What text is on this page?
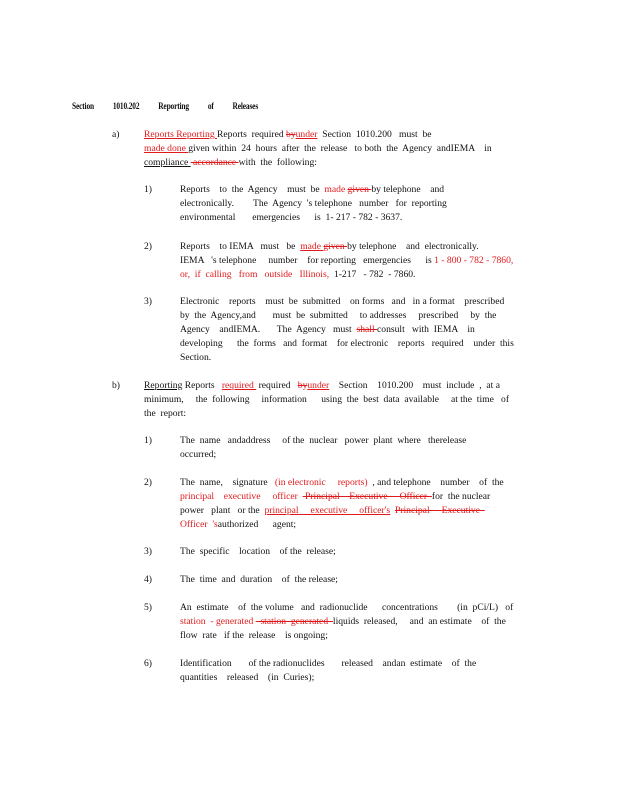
Section 1010.202 Reporting of Releases
a)	Reports Reporting Reports  required byunder  Section  1010.200   must  be
made done given within  24  hours  after  the  release   to both  the  Agency  andIEMA    in
compliance  accordance with  the  following:
1)	Reports    to  the  Agency    must  be  made given by telephone    and
electronically.        The  Agency  's telephone   number   for  reporting
environmental       emergencies      is  1- 217 - 782 - 3637.
2)	Reports    to IEMA   must   be  made given by telephone    and  electronically.
IEMA   's telephone     number    for reporting   emergencies      is 1 - 800 - 782 - 7860,
or,  if  calling   from   outside   Illinois,  1-217   - 782  - 7860.
3)	Electronic    reports    must  be  submitted    on forms   and   in a format    prescribed
by  the  Agency,and       must  be  submitted     to addresses     prescribed     by  the
Agency    andIEMA.       The  Agency   must  shall consult   with  IEMA    in
developing      the  forms   and  format    for electronic    reports   required    under  this
Section.
b)	Reporting Reports   required  required   byunder    Section    1010.200    must  include  ,  at a
minimum,     the  following     information      using  the  best  data  available     at the  time   of
the  report:
1)	The  name   andaddress     of the  nuclear   power  plant  where   therelease
occurred;
2)	The  name,    signature   (in electronic     reports)  , and telephone    number    of  the
principal    executive     officer   Principal    Executive     Officer  for  the nuclear
power   plant   or the  principal     executive     officer's Principal     Executive
Officer  'sauthorized      agent;
3)	The  specific    location    of the  release;
4)	The  time  and  duration    of  the release;
5)	An  estimate    of  the volume   and  radionuclide      concentrations        (in  pCi/L)   of
station  - generated   station  generated  liquids  released,     and  an estimate    of  the
flow  rate   if the  release    is ongoing;
6)	Identification       of the radionuclides       released    andan  estimate    of  the
quantities    released    (in  Curies);
